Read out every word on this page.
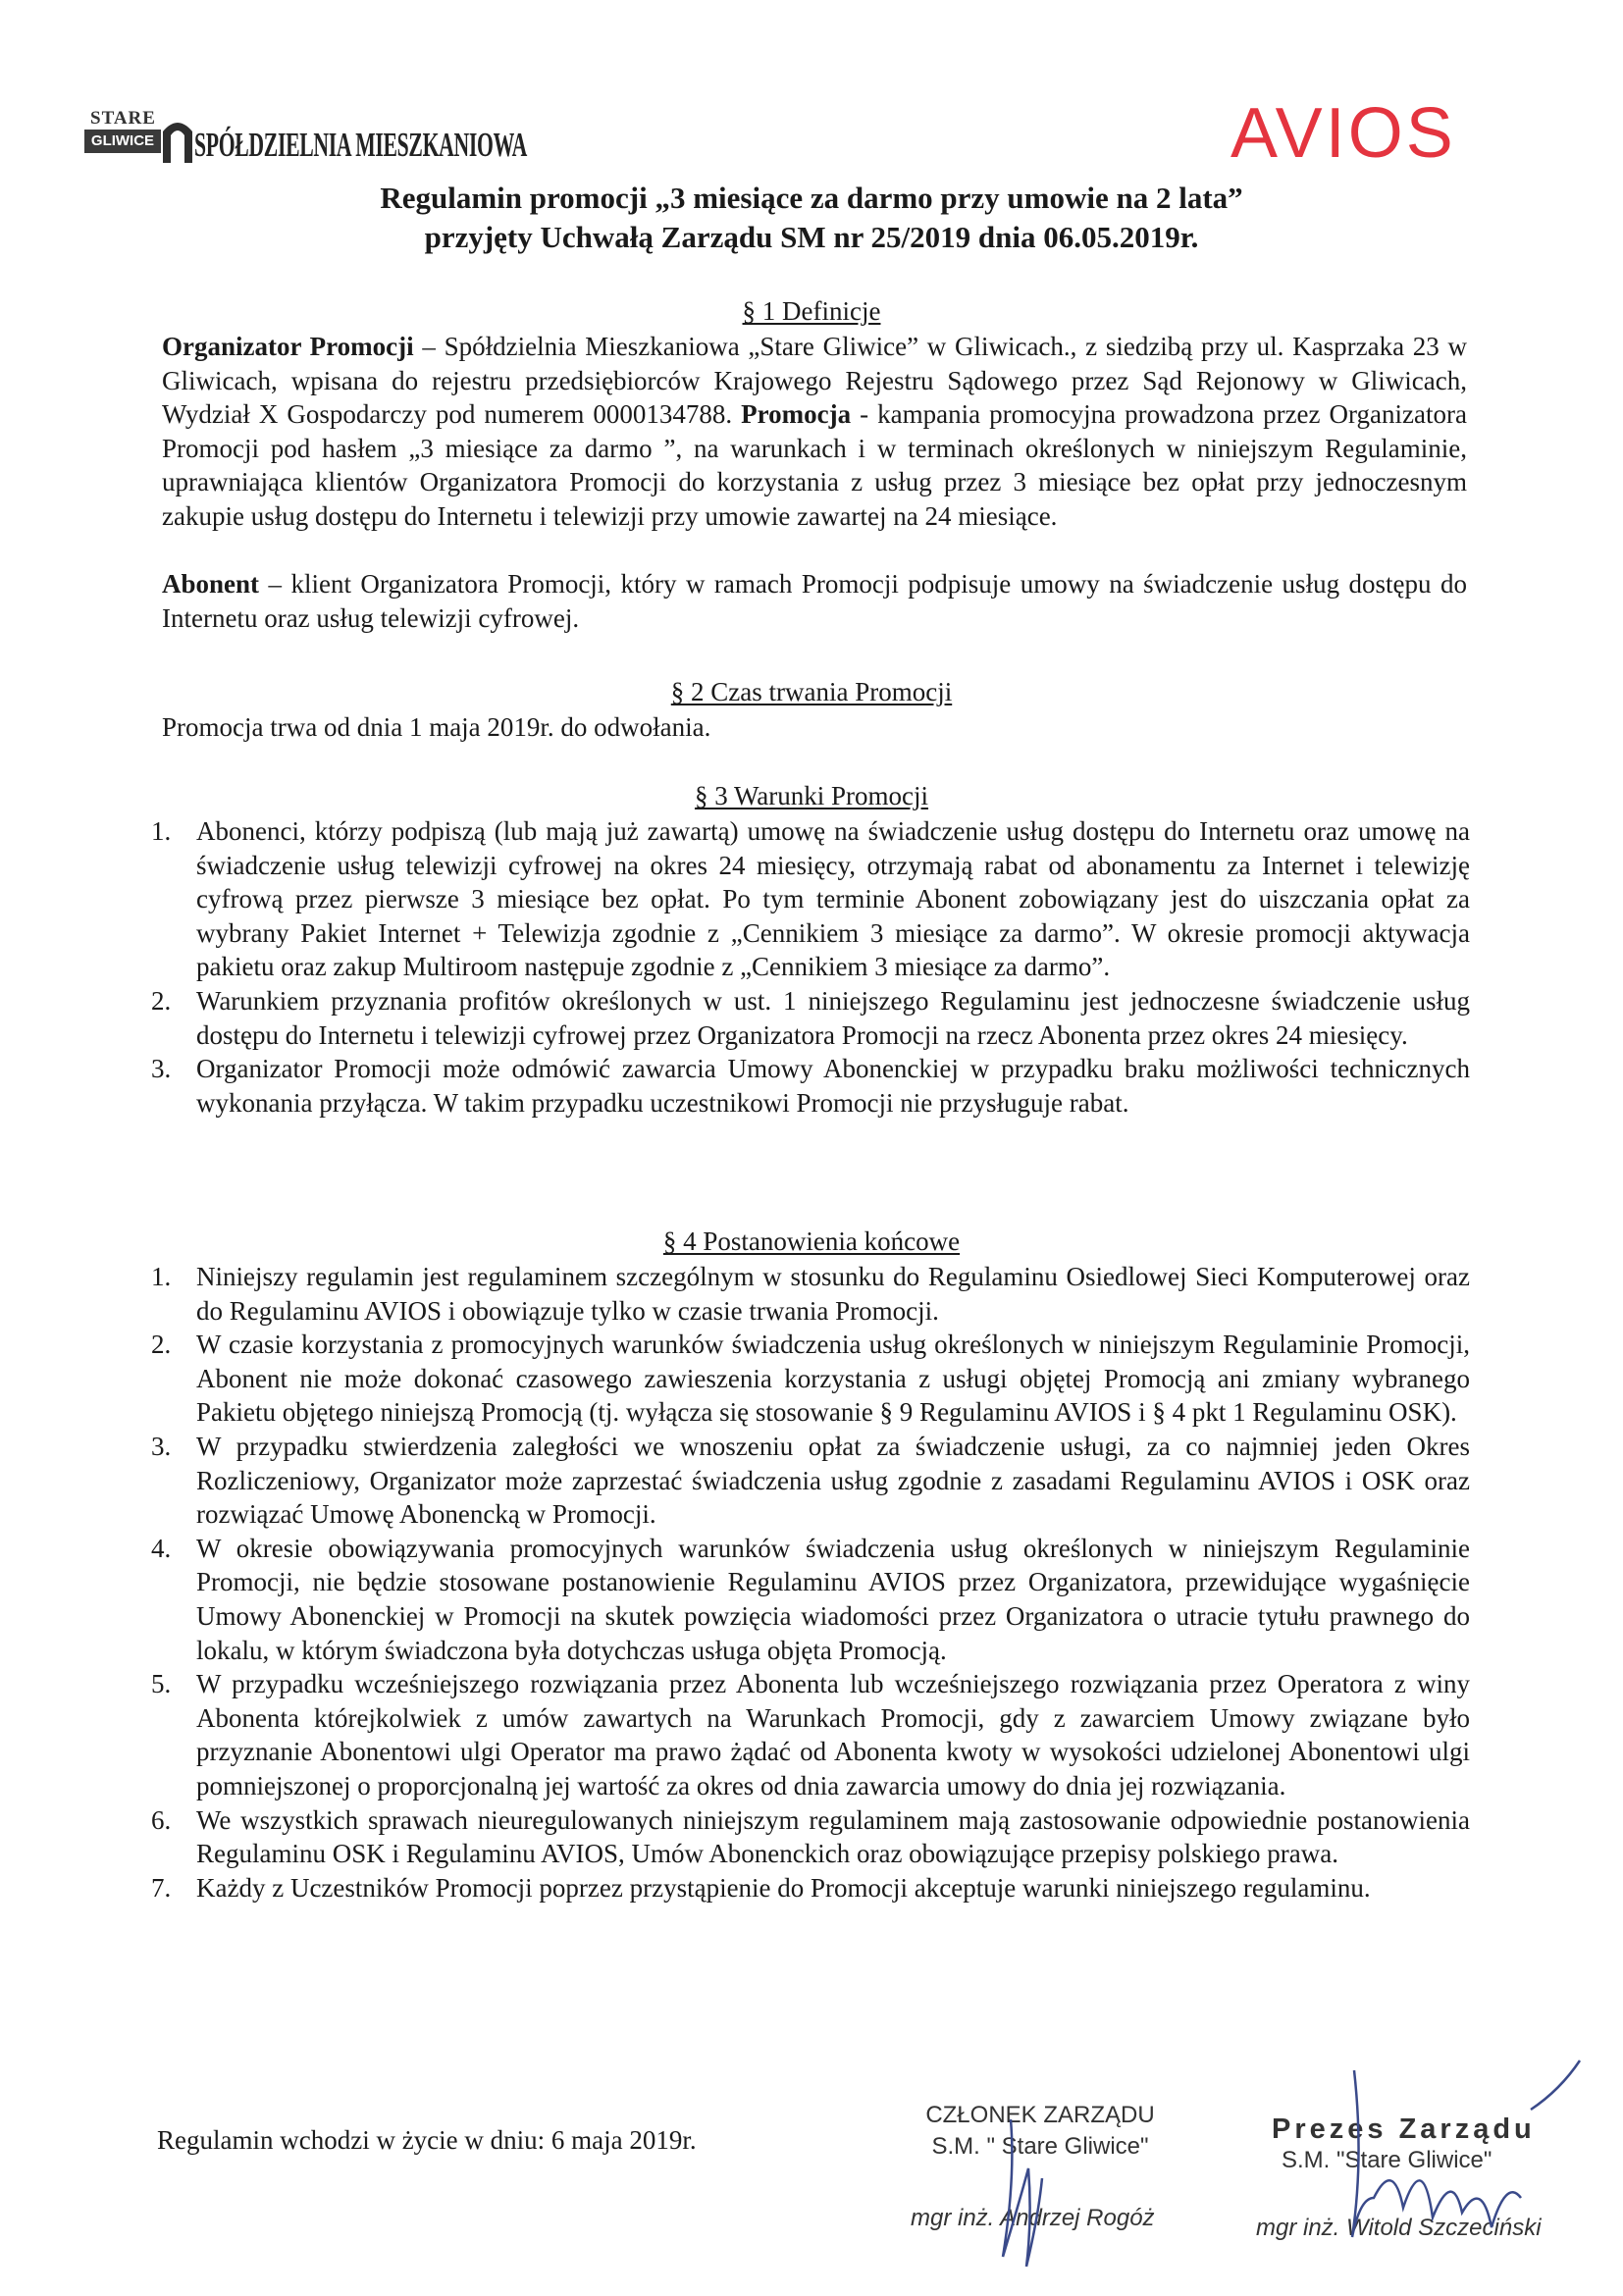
STARE
GLIWICE SPÓŁDZIELNIA MIESZKANIOWA	AVIOS
Regulamin promocji „3 miesiące za darmo przy umowie na 2 lata”
przyjęty Uchwałą Zarządu SM nr 25/2019 dnia 06.05.2019r.
§ 1 Definicje
Organizator Promocji – Spółdzielnia Mieszkaniowa „Stare Gliwice” w Gliwicach., z siedzibą przy ul. Kasprzaka 23 w Gliwicach, wpisana do rejestru przedsiębiorców Krajowego Rejestru Sądowego przez Sąd Rejonowy w Gliwicach, Wydział X Gospodarczy pod numerem 0000134788. Promocja - kampania promocyjna prowadzona przez Organizatora Promocji pod hasłem „3 miesiące za darmo ”, na warunkach i w terminach określonych w niniejszym Regulaminie, uprawniająca klientów Organizatora Promocji do korzystania z usług przez 3 miesiące bez opłat przy jednoczesnym zakupie usług dostępu do Internetu i telewizji przy umowie zawartej na 24 miesiące.
Abonent – klient Organizatora Promocji, który w ramach Promocji podpisuje umowy na świadczenie usług dostępu do Internetu oraz usług telewizji cyfrowej.
§ 2 Czas trwania Promocji
Promocja trwa od dnia 1 maja 2019r. do odwołania.
§ 3 Warunki Promocji
1. Abonenci, którzy podpiszą (lub mają już zawartą) umowę na świadczenie usług dostępu do Internetu oraz umowę na świadczenie usług telewizji cyfrowej na okres 24 miesięcy, otrzymają rabat od abonamentu za Internet i telewizję cyfrową przez pierwsze 3 miesiące bez opłat. Po tym terminie Abonent zobowiązany jest do uiszczania opłat za wybrany Pakiet Internet + Telewizja zgodnie z „Cennikiem 3 miesiące za darmo”. W okresie promocji aktywacja pakietu oraz zakup Multiroom następuje zgodnie z „Cennikiem 3 miesiące za darmo”.
2. Warunkiem przyznania profitów określonych w ust. 1 niniejszego Regulaminu jest jednoczesne świadczenie usług dostępu do Internetu i telewizji cyfrowej przez Organizatora Promocji na rzecz Abonenta przez okres 24 miesięcy.
3. Organizator Promocji może odmówić zawarcia Umowy Abonenckiej w przypadku braku możliwości technicznych wykonania przyłącza. W takim przypadku uczestnikowi Promocji nie przysługuje rabat.
§ 4 Postanowienia końcowe
1. Niniejszy regulamin jest regulaminem szczególnym w stosunku do Regulaminu Osiedlowej Sieci Komputerowej oraz do Regulaminu AVIOS i obowiązuje tylko w czasie trwania Promocji.
2. W czasie korzystania z promocyjnych warunków świadczenia usług określonych w niniejszym Regulaminie Promocji, Abonent nie może dokonać czasowego zawieszenia korzystania z usługi objętej Promocją ani zmiany wybranego Pakietu objętego niniejszą Promocją (tj. wyłącza się stosowanie § 9 Regulaminu AVIOS i § 4 pkt 1 Regulaminu OSK).
3. W przypadku stwierdzenia zaległości we wnoszeniu opłat za świadczenie usługi, za co najmniej jeden Okres Rozliczeniowy, Organizator może zaprzestać świadczenia usług zgodnie z zasadami Regulaminu AVIOS i OSK oraz rozwiązać Umowę Abonencką w Promocji.
4. W okresie obowiązywania promocyjnych warunków świadczenia usług określonych w niniejszym Regulaminie Promocji, nie będzie stosowane postanowienie Regulaminu AVIOS przez Organizatora, przewidujące wygaśnięcie Umowy Abonenckiej w Promocji na skutek powzięcia wiadomości przez Organizatora o utracie tytułu prawnego do lokalu, w którym świadczona była dotychczas usługa objęta Promocją.
5. W przypadku wcześniejszego rozwiązania przez Abonenta lub wcześniejszego rozwiązania przez Operatora z winy Abonenta którejkolwiek z umów zawartych na Warunkach Promocji, gdy z zawarciem Umowy związane było przyznanie Abonentowi ulgi Operator ma prawo żądać od Abonenta kwoty w wysokości udzielonej Abonentowi ulgi pomniejszonej o proporcjonalną jej wartość za okres od dnia zawarcia umowy do dnia jej rozwiązania.
6. We wszystkich sprawach nieuregulowanych niniejszym regulaminem mają zastosowanie odpowiednie postanowienia Regulaminu OSK i Regulaminu AVIOS, Umów Abonenckich oraz obowiązujące przepisy polskiego prawa.
7. Każdy z Uczestników Promocji poprzez przystąpienie do Promocji akceptuje warunki niniejszego regulaminu.
Regulamin wchodzi w życie w dniu: 6 maja 2019r.
CZŁONEK ZARZĄDU
S.M. " Stare Gliwice"
mgr inż. Andrzej Rogóż
Prezes Zarządu
S.M. "Stare Gliwice"
mgr inż. Witold Szczeciński
